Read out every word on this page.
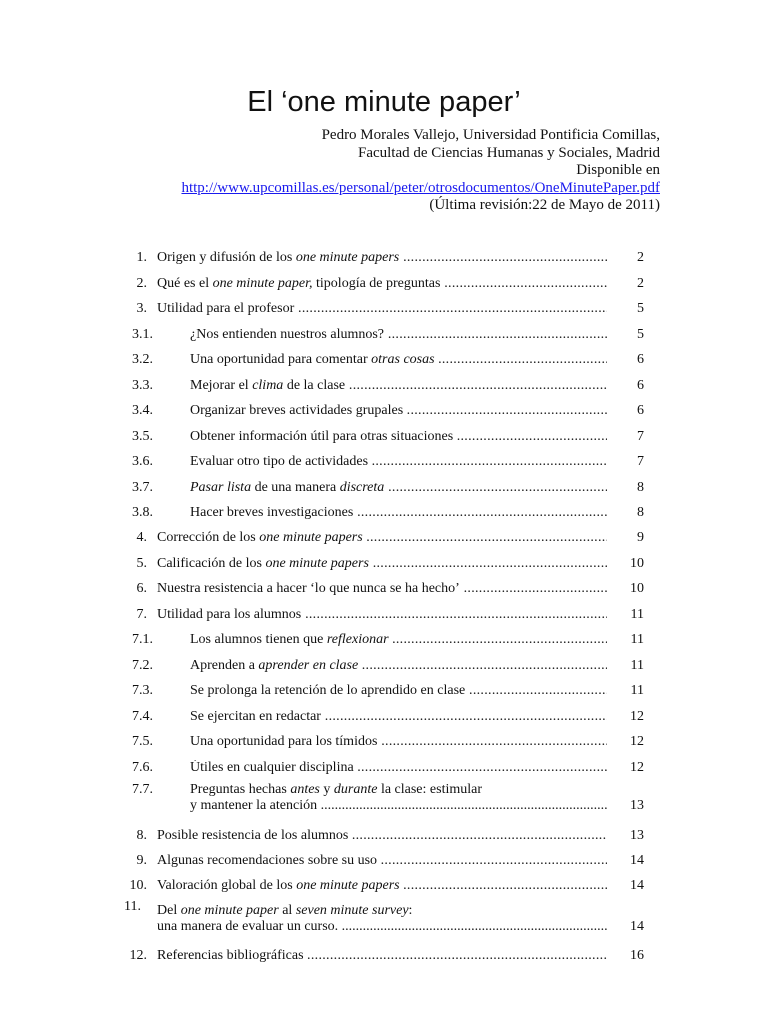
El ‘one minute paper’
Pedro Morales Vallejo, Universidad Pontificia Comillas,
Facultad de Ciencias Humanas y Sociales, Madrid
Disponible en
http://www.upcomillas.es/personal/peter/otrosdocumentos/OneMinutePaper.pdf
(Última revisión:22 de Mayo de 2011)
1. Origen y difusión de los one minute papers .....	2
2. Qué es el one minute paper, tipología de preguntas .....	2
3. Utilidad para el profesor .....	5
3.1.	¿Nos entienden nuestros alumnos? .....	5
3.2.	Una oportunidad para comentar otras cosas .....	6
3.3.	Mejorar el clima de la clase .....	6
3.4.	Organizar breves actividades grupales .....	6
3.5.	Obtener información útil para otras situaciones .....	7
3.6.	Evaluar otro tipo de actividades .....	7
3.7.	Pasar lista de una manera discreta .....	8
3.8.	Hacer breves investigaciones .....	8
4. Corrección de los one minute papers .....	9
5. Calificación de los one minute papers .....	10
6. Nuestra resistencia a hacer ‘lo que nunca se ha hecho’ .....	10
7. Utilidad para los alumnos .....	11
7.1.	Los alumnos tienen que reflexionar .....	11
7.2.	Aprenden a aprender en clase .....	11
7.3.	Se prolonga la retención de lo aprendido en clase .....	11
7.4.	Se ejercitan en redactar .....	12
7.5.	Una oportunidad para los tímidos .....	12
7.6.	Útiles en cualquier disciplina .....	12
7.7.	Preguntas hechas antes y durante la clase: estimular
y mantener la atención .....	13
8. Posible resistencia de los alumnos .....	13
9. Algunas recomendaciones sobre su uso .....	14
10. Valoración global de los one minute papers .....	14
11. Del one minute paper al seven minute survey:
una manera de evaluar un curso. .....	14
12. Referencias bibliográficas .....	16
